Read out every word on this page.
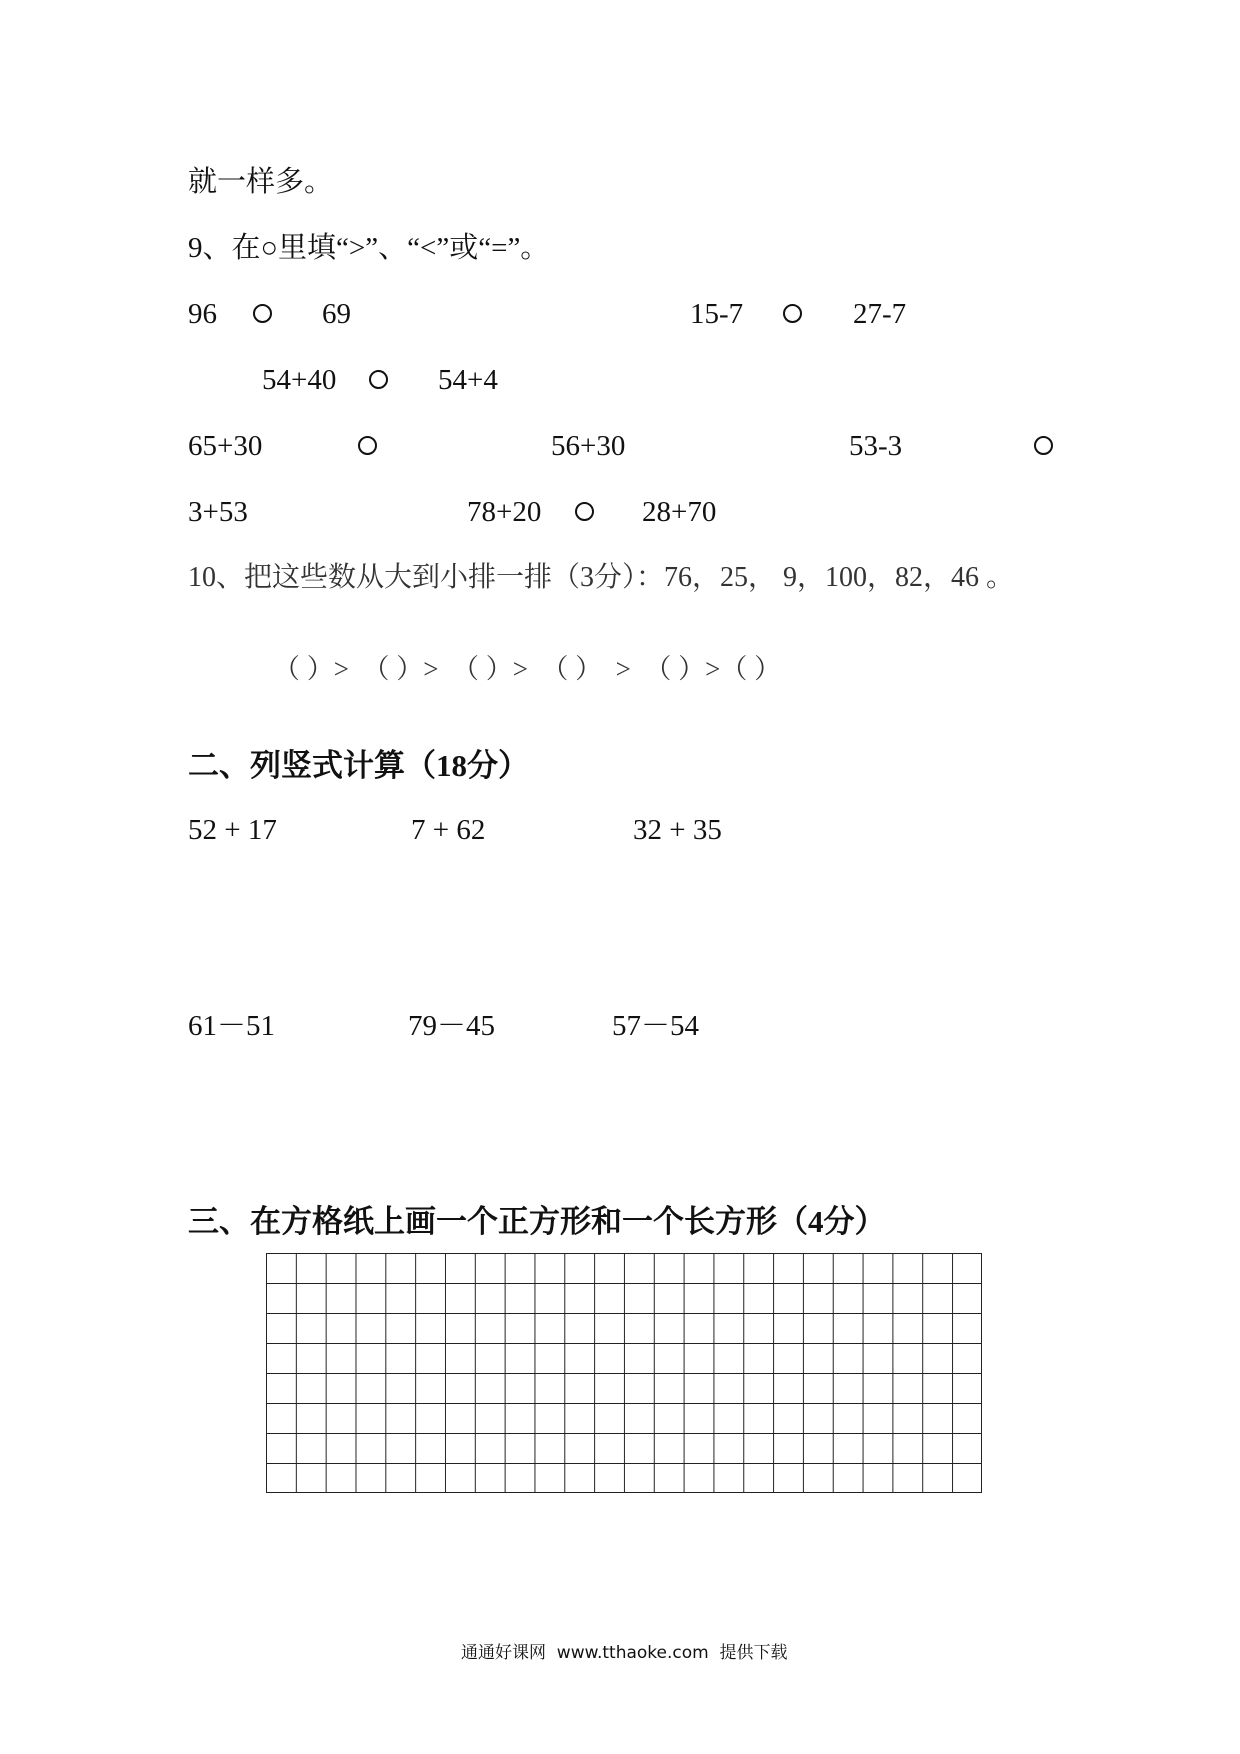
就一样多。
9、在○里填“>”、“<”或“=”。
96	69	15-7	27-7
54+40	54+4
65+30	56+30	53-3
3+53	78+20	28+70
10、把这些数从大到小排一排（3分）：76，25， 9，100，82，46 。
（ ）>　（ ）>　（ ）>　（ ）　>　（ ）>（ ）
二、列竖式计算（18分）
52 + 17	7 + 62	32 + 35
61－51	79－45	57－54
三、在方格纸上画一个正方形和一个长方形（4分）
通通好课网  www.tthaoke.com  提供下载
